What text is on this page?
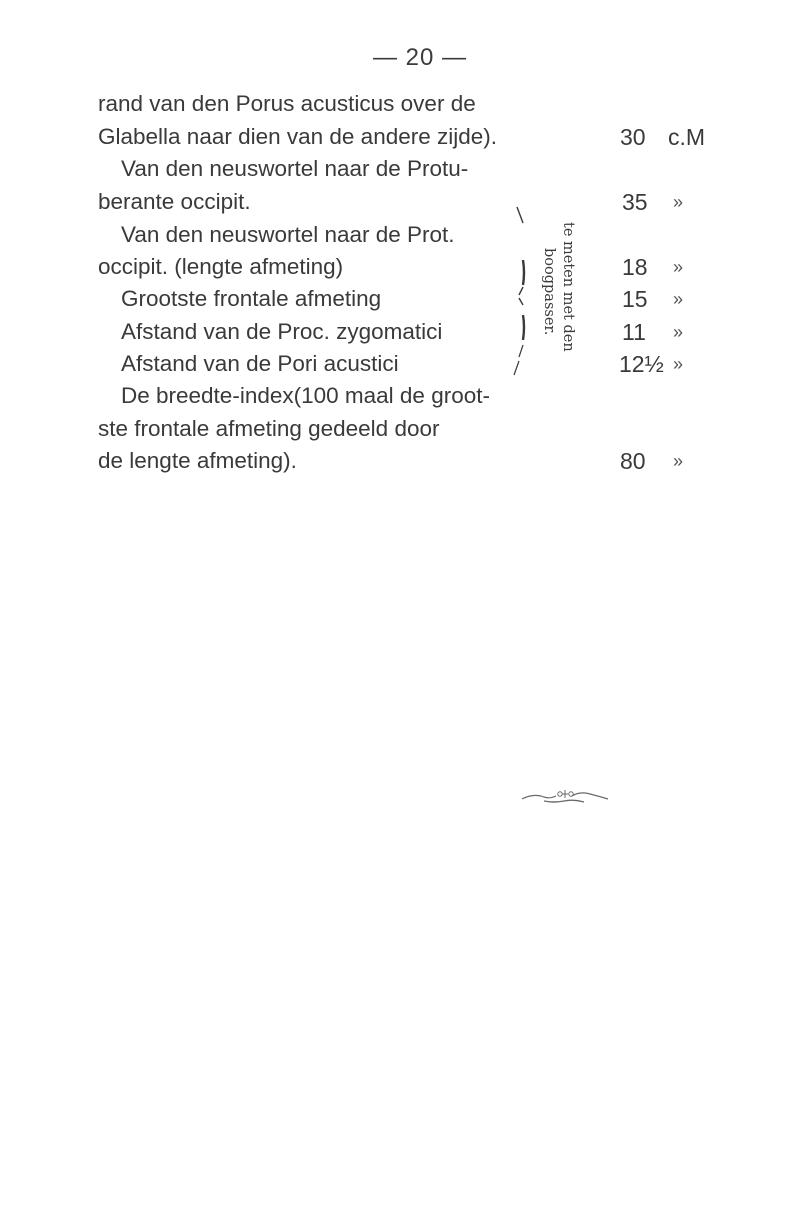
— 20 —
rand van den Porus acusticus over de
Glabella naar dien van de andere zijde).
Van den neuswortel naar de Protu-
berante occipit.
Van den neuswortel naar de Prot.
occipit. (lengte afmeting)
Grootste frontale afmeting
Afstand van de Proc. zygomatici
Afstand van de Pori acustici
De breedte-index(100 maal de groot-
ste frontale afmeting gedeeld door
de lengte afmeting).
te meten met den
boogpasser.
30 c.M
35 »
18 »
15 »
11 »
12½ »
80 »
